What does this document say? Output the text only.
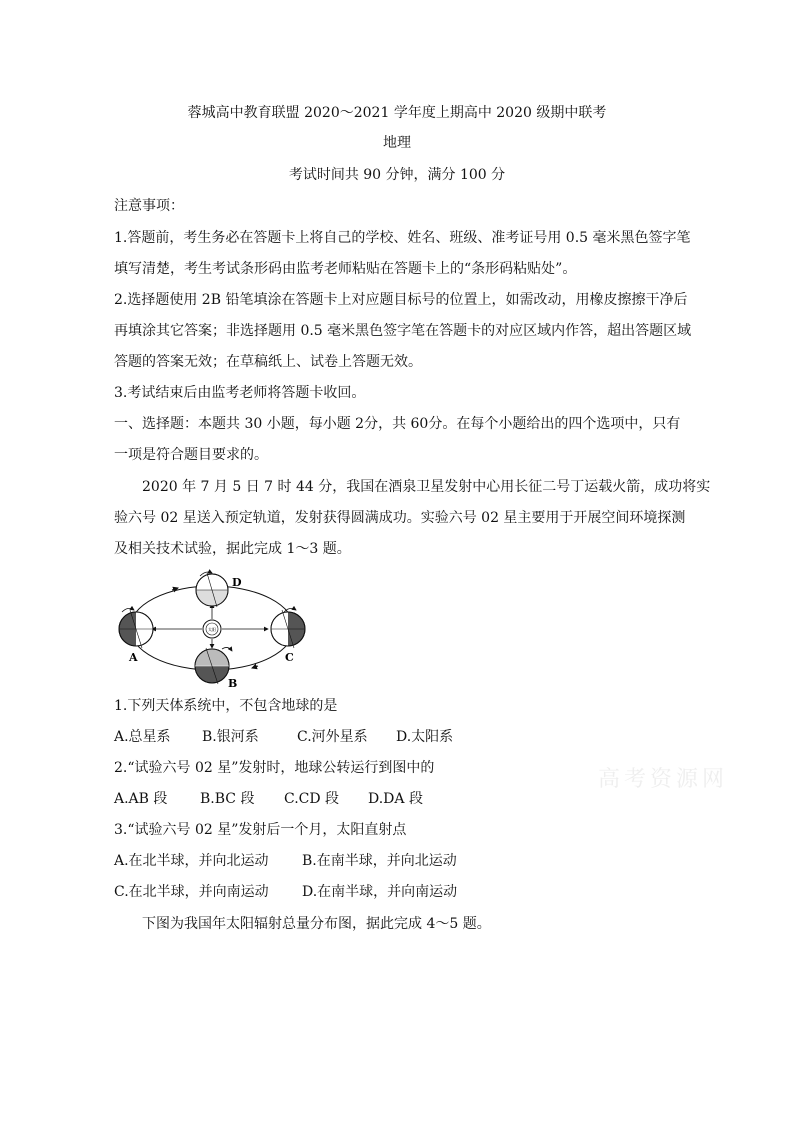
蓉城高中教育联盟 2020～2021 学年度上期高中 2020 级期中联考
地理
考试时间共 90 分钟，满分 100 分
注意事项：
1.答题前，考生务必在答题卡上将自己的学校、姓名、班级、准考证号用 0.5 毫米黑色签字笔
填写清楚，考生考试条形码由监考老师粘贴在答题卡上的“条形码粘贴处”。
2.选择题使用 2B 铅笔填涂在答题卡上对应题目标号的位置上，如需改动，用橡皮擦擦干净后
再填涂其它答案；非选择题用 0.5 毫米黑色签字笔在答题卡的对应区域内作答，超出答题区域
答题的答案无效；在草稿纸上、试卷上答题无效。
3.考试结束后由监考老师将答题卡收回。
一、选择题：本题共 30 小题，每小题 2分，共 60分。在每个小题给出的四个选项中，只有
一项是符合题目要求的。
2020 年 7 月 5 日 7 时 44 分，我国在酒泉卫星发射中心用长征二号丁运载火箭，成功将实
验六号 02 星送入预定轨道，发射获得圆满成功。实验六号 02 星主要用于开展空间环境探测
及相关技术试验，据此完成 1～3 题。
太阳
A
B
C
D
1.下列天体系统中，不包含地球的是
A.总星系 B.银河系	C.河外星系 D.太阳系
2.“试验六号 02 星”发射时，地球公转运行到图中的
A.AB 段 B.BC 段 C.CD 段 D.DA 段
3.“试验六号 02 星”发射后一个月，太阳直射点
A.在北半球，并向北运动 B.在南半球，并向北运动
C.在北半球，并向南运动 D.在南半球，并向南运动
下图为我国年太阳辐射总量分布图，据此完成 4～5 题。
高考资源网
